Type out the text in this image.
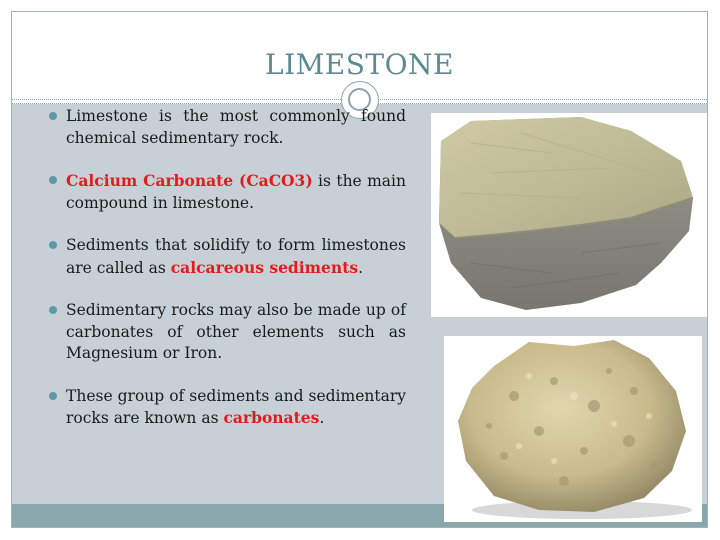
LIMESTONE
Limestone is the most commonly found chemical sedimentary rock.
Calcium Carbonate (CaCO3) is the main compound in limestone.
Sediments that solidify to form limestones are called as calcareous sediments.
Sedimentary rocks may also be made up of carbonates of other elements such as Magnesium or Iron.
These group of sediments and sedimentary rocks are known as carbonates.
